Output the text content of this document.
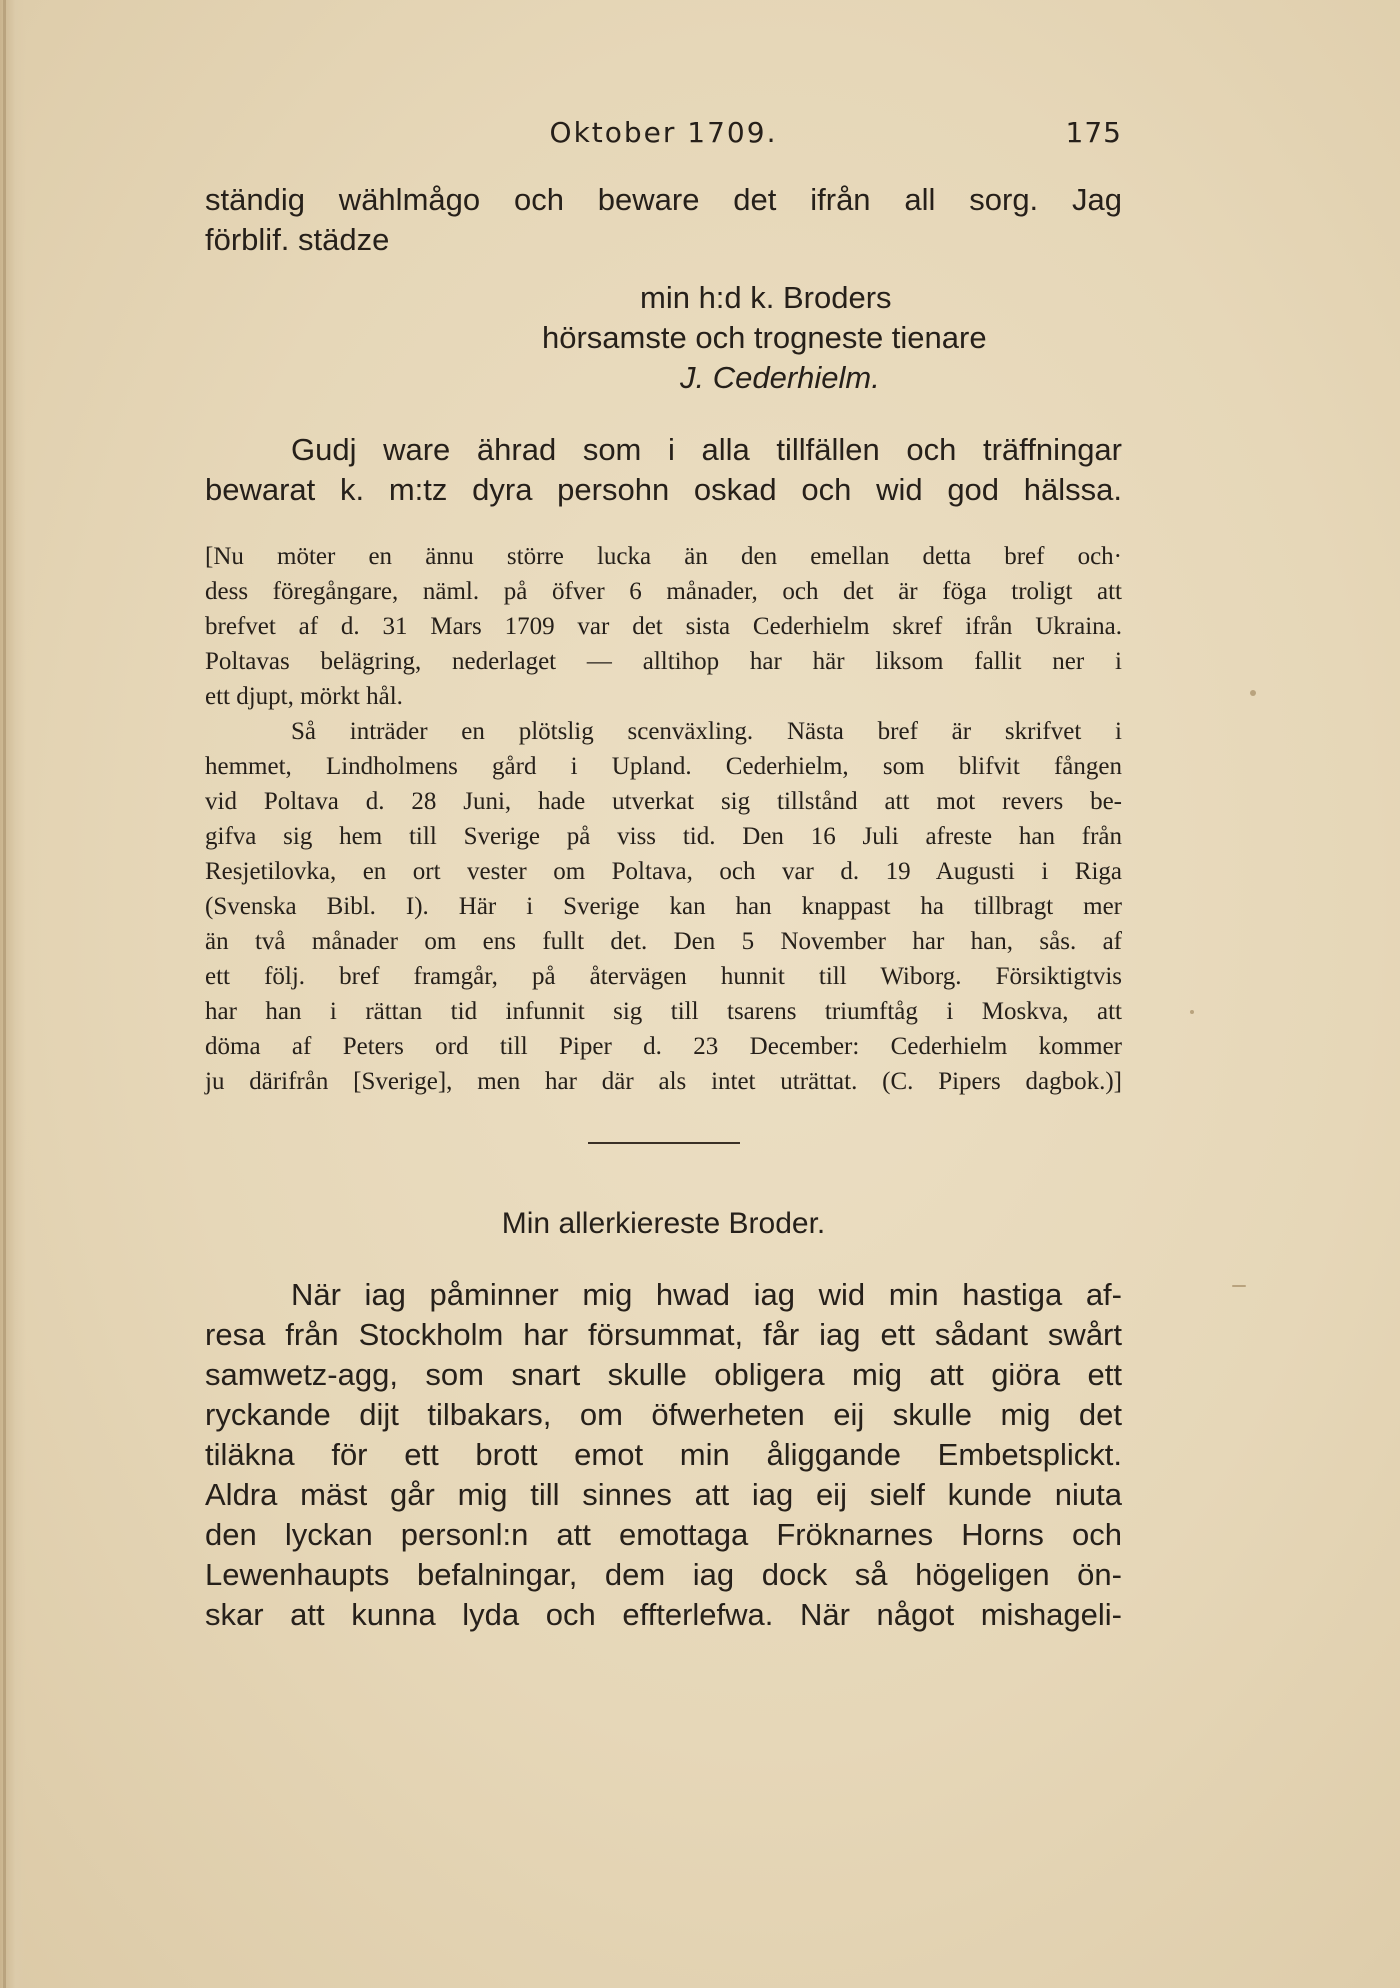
Oktober 1709.	175
ständig wählmågo och beware det ifrån all sorg. Jag
förblif. städze
min h:d k. Broders
hörsamste och trogneste tienare
J. Cederhielm.
Gudj ware ährad som i alla tillfällen och träffningar
bewarat k. m:tz dyra persohn oskad och wid god hälssa.
[Nu möter en ännu större lucka än den emellan detta bref och·
dess föregångare, näml. på öfver 6 månader, och det är föga troligt att
brefvet af d. 31 Mars 1709 var det sista Cederhielm skref ifrån Ukraina.
Poltavas belägring, nederlaget — alltihop har här liksom fallit ner i
ett djupt, mörkt hål.
Så inträder en plötslig scenväxling. Nästa bref är skrifvet i
hemmet, Lindholmens gård i Upland. Cederhielm, som blifvit fången
vid Poltava d. 28 Juni, hade utverkat sig tillstånd att mot revers be-
gifva sig hem till Sverige på viss tid. Den 16 Juli afreste han från
Resjetilovka, en ort vester om Poltava, och var d. 19 Augusti i Riga
(Svenska Bibl. I). Här i Sverige kan han knappast ha tillbragt mer
än två månader om ens fullt det. Den 5 November har han, sås. af
ett följ. bref framgår, på återvägen hunnit till Wiborg. Försiktigtvis
har han i rättan tid infunnit sig till tsarens triumftåg i Moskva, att
döma af Peters ord till Piper d. 23 December: Cederhielm kommer
ju därifrån [Sverige], men har där als intet uträttat. (C. Pipers dagbok.)]
Min allerkiereste Broder.
När iag påminner mig hwad iag wid min hastiga af-
resa från Stockholm har försummat, får iag ett sådant swårt
samwetz-agg, som snart skulle obligera mig att giöra ett
ryckande dijt tilbakars, om öfwerheten eij skulle mig det
tiläkna för ett brott emot min åliggande Embetsplickt.
Aldra mäst går mig till sinnes att iag eij sielf kunde niuta
den lyckan personl:n att emottaga Fröknarnes Horns och
Lewenhaupts befalningar, dem iag dock så högeligen ön-
skar att kunna lyda och effterlefwa. När något mishageli-
